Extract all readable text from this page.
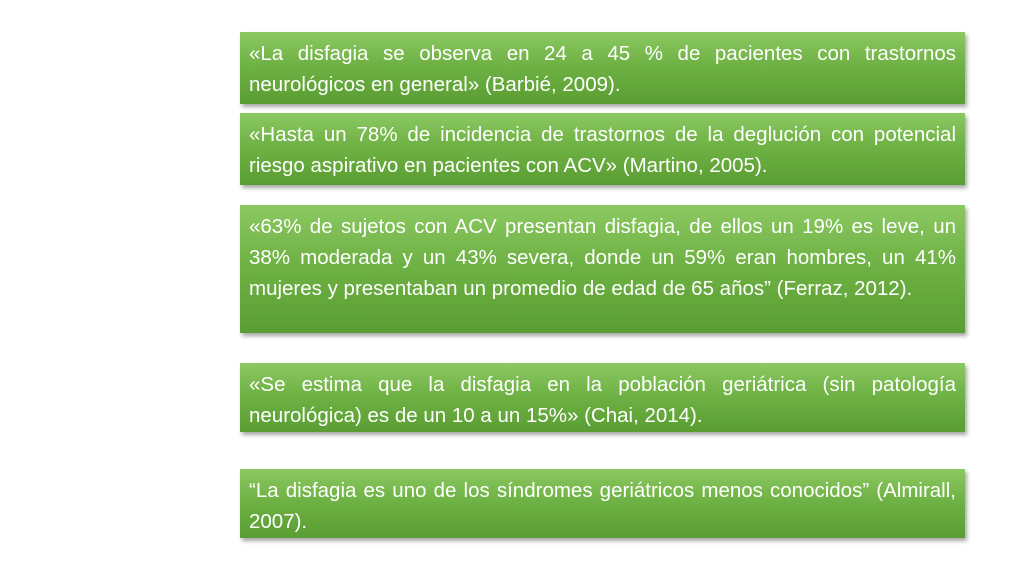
«La disfagia se observa en 24 a 45 % de pacientes con trastornos neurológicos en general» (Barbié, 2009).

«Hasta un 78% de incidencia de trastornos de la deglución con potencial riesgo aspirativo en pacientes con ACV» (Martino, 2005).

«63% de sujetos con ACV presentan disfagia, de ellos un 19% es leve, un 38% moderada y un 43% severa, donde un 59% eran hombres, un 41% mujeres y presentaban un promedio de edad de 65 años” (Ferraz, 2012).

«Se estima que la disfagia en la población geriátrica (sin patología neurológica) es de un 10 a un 15%» (Chai, 2014).

“La disfagia es uno de los síndromes geriátricos menos conocidos” (Almirall, 2007).
